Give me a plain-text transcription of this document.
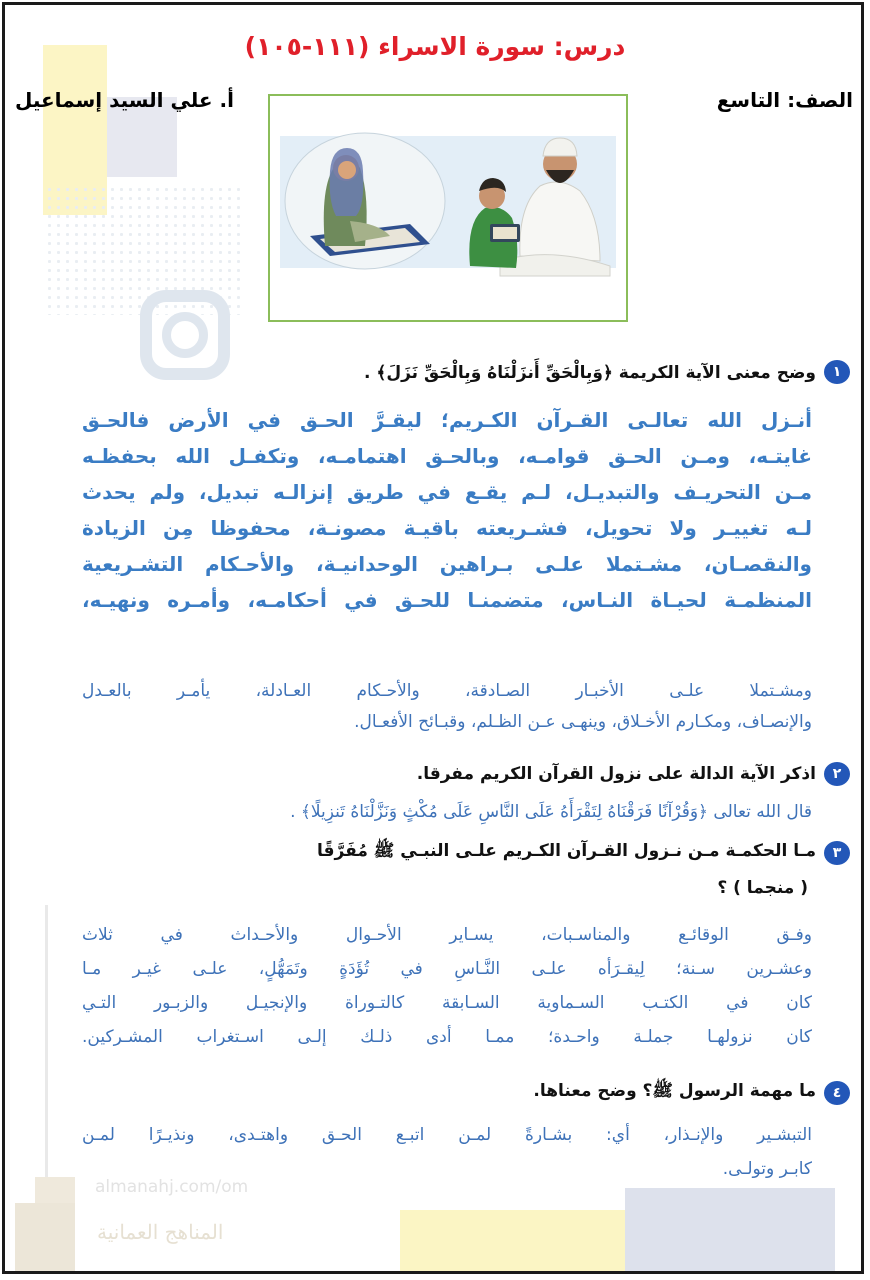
almanahj.com/om
المناهج العمانية
درس: سورة الاسراء (١١١-١٠٥)
الصف: التاسع
أ. علي السيد إسماعيل
١
وضح معنى الآية الكريمة ﴿وَبِالْحَقِّ أَنزَلْنَاهُ وَبِالْحَقِّ نَزَلَ﴾ .
أنـزل الله تعالـى القـرآن الكـريم؛ ليقـرَّ الحـق في الأرض فالحـق
غايتـه، ومـن الحـق قوامـه، وبالحـق اهتمامـه، وتكفـل الله بحفظـه
مـن التحريـف والتبديـل، لـم يقـع في طريق إنزالـه تبديل، ولم يحدث
لـه تغييـر ولا تحويل، فشـريعته باقيـة مصونـة، محفوظا مِن الزيادة
والنقصـان، مشـتملا علـى بـراهين الوحدانيـة، والأحـكام التشـريعية
المنظمـة لحيـاة النـاس، متضمنـا للحـق في أحكامـه، وأمـره ونهيـه،
ومشـتملا علـى الأخبـار الصـادقة، والأحـكام العـادلة، يأمـر بالعـدل
والإنصـاف، ومكـارم الأخـلاق، وينهـى عـن الظـلم، وقبـائح الأفعـال.
٢
اذكر الآية الدالة على نزول القرآن الكريم مفرقا.
قال الله تعالى ﴿وَقُرْآنًا فَرَقْنَاهُ لِتَقْرَأَهُ عَلَى النَّاسِ عَلَى مُكْثٍ وَنَزَّلْنَاهُ تَنزِيلًا﴾ .
٣
مـا الحكمـة مـن نـزول القـرآن الكـريم علـى النبـي ﷺ مُفَرَّقًا
( منجما ) ؟
وفـق الوقائـع والمناسـبات، يسـاير الأحـوال والأحـداث في ثلاث
وعشـرين سـنة؛ لِيقـرَأه علـى النَّـاسِ في تُؤَدَةٍ وتَمَهُّلٍ، علـى غيـر مـا
كان في الكتـب السـماوية السـابقة كالتـوراة والإنجيـل والزبـور التـي
كان نزولهـا جملـة واحـدة؛ ممـا أدى ذلـك إلـى اسـتغراب المشـركين.
٤
ما مهمة الرسول ﷺ؟ وضح معناها.
التبشـير والإنـذار، أي: بشـارةً لمـن اتبـع الحـق واهتـدى، ونذيـرًا لمـن
كابـر وتولـى.
